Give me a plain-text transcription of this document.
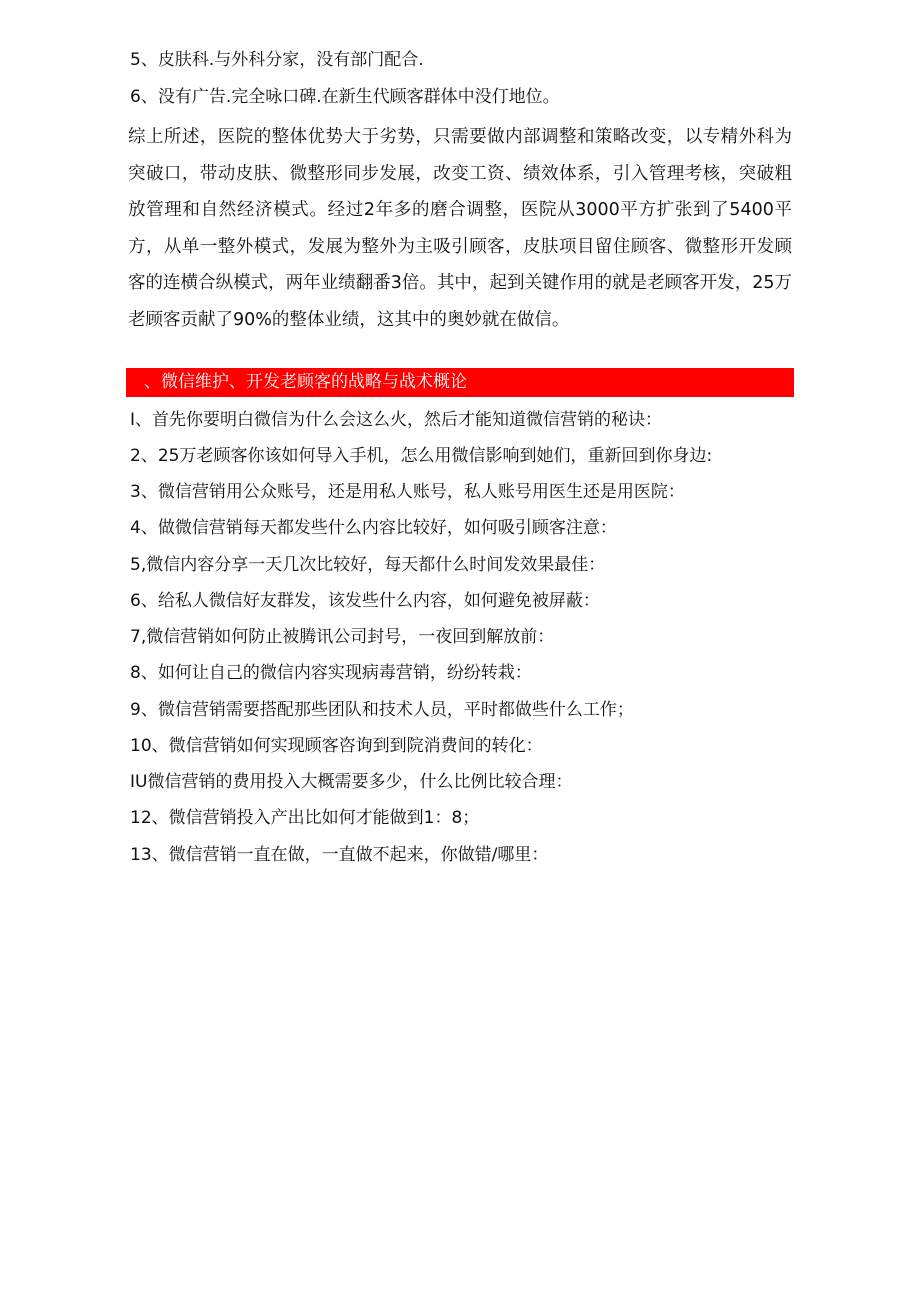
5、皮肤科.与外科分家，没有部门配合.
6、没有广告.完全咏口碑.在新生代顾客群体中没仃地位。

综上所述，医院的整体优势大于劣势，只需要做内部调整和策略改变，以专精外科为突破口，带动皮肤、微整形同步发展，改变工资、绩效体系，引入管理考核，突破粗放管理和自然经济模式。经过2年多的磨合调整，医院从3000平方扩张到了5400平方，从单一整外模式，发展为整外为主吸引顾客，皮肤项目留住顾客、微整形开发顾客的连横合纵模式，两年业绩翻番3倍。其中，起到关键作用的就是老顾客开发，25万老顾客贡献了90%的整体业绩，这其中的奥妙就在做信。

、微信维护、开发老顾客的战略与战术概论
I、首先你要明白微信为什么会这么火，然后才能知道微信营销的秘诀：
2、25万老顾客你该如何导入手机，怎么用微信影响到她们，重新回到你身边:
3、微信营销用公众账号，还是用私人账号，私人账号用医生还是用医院：
4、做微信营销每天都发些什么内容比较好，如何吸引顾客注意：
5,微信内容分享一天几次比较好，每天都什么时间发效果最佳：
6、给私人微信好友群发，该发些什么内容，如何避免被屏蔽：
7,微信营销如何防止被腾讯公司封号，一夜回到解放前：
8、如何让自己的微信内容实现病毒营销，纷纷转栽：
9、微信营销需要搭配那些团队和技术人员，平时都做些什么工作；
10、微信营销如何实现顾客咨询到到院消费间的转化：
IU微信营销的费用投入大概需要多少，什么比例比较合理：
12、微信营销投入产出比如何才能做到1：8；
13、微信营销一直在做，一直做不起来，你做错/哪里：
